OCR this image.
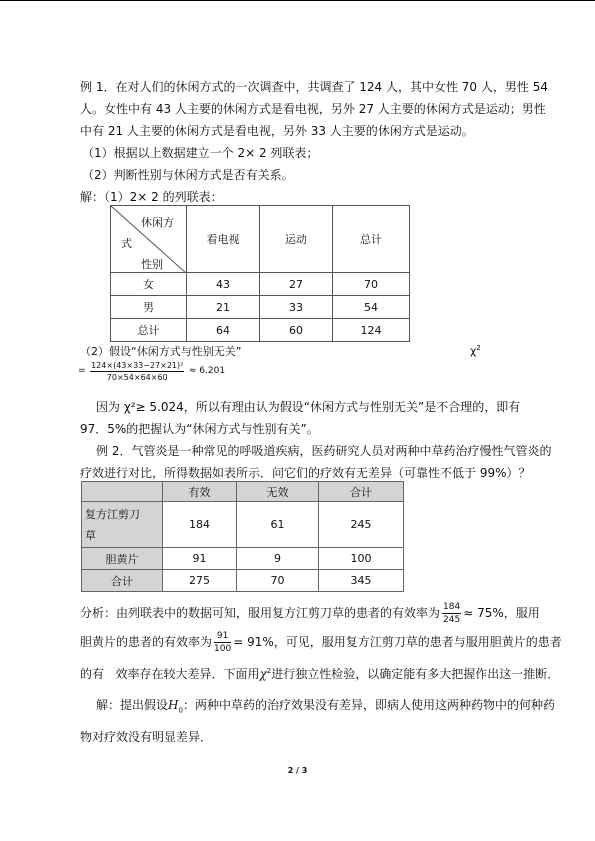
例 1．在对人们的休闲方式的一次调查中，共调查了 124 人，其中女性 70 人，男性 54
人。女性中有 43 人主要的休闲方式是看电视，另外 27 人主要的休闲方式是运动；男性
中有 21 人主要的休闲方式是看电视，另外 33 人主要的休闲方式是运动。
（1）根据以上数据建立一个 2× 2 列联表；
（2）判断性别与休闲方式是否有关系。
解：（1）2× 2 的列联表：
休闲方
式
性别	看电视	运动	总计
女	43	27	70
男	21	33	54
总计	64	60	124
（2）假设“休闲方式与性别无关”	$\chi^2$
= $\frac{\text{124×(43×33−27×21)²}}{70\times 54\times 64\times 60} \approx 6.201$
因为 χ²≥ 5.024，所以有理由认为假设“休闲方式与性别无关”是不合理的，即有
97．5%的把握认为“休闲方式与性别有关”。
例 2．气管炎是一种常见的呼吸道疾病，医药研究人员对两种中草药治疗慢性气管炎的
疗效进行对比，所得数据如表所示．问它们的疗效有无差异（可靠性不低于 99%）？
	有效	无效	合计

复方江剪刀
草	184	61	245
胆黄片	91	9	100
合计	275	70	345
分析：由列联表中的数据可知，服用复方江剪刀草的患者的有效率为 $\frac{184}{245} \approx 75\%$，服用
胆黄片的患者的有效率为 $\frac{91}{100} = 91\%$，可见，服用复方江剪刀草的患者与服用胆黄片的患者
的有   效率存在较大差异．下面用$\chi^2$进行独立性检验，以确定能有多大把握作出这一推断．
解：提出假设$H_0$：两种中草药的治疗效果没有差异，即病人使用这两种药物中的何种药
物对疗效没有明显差异．
2 / 3
